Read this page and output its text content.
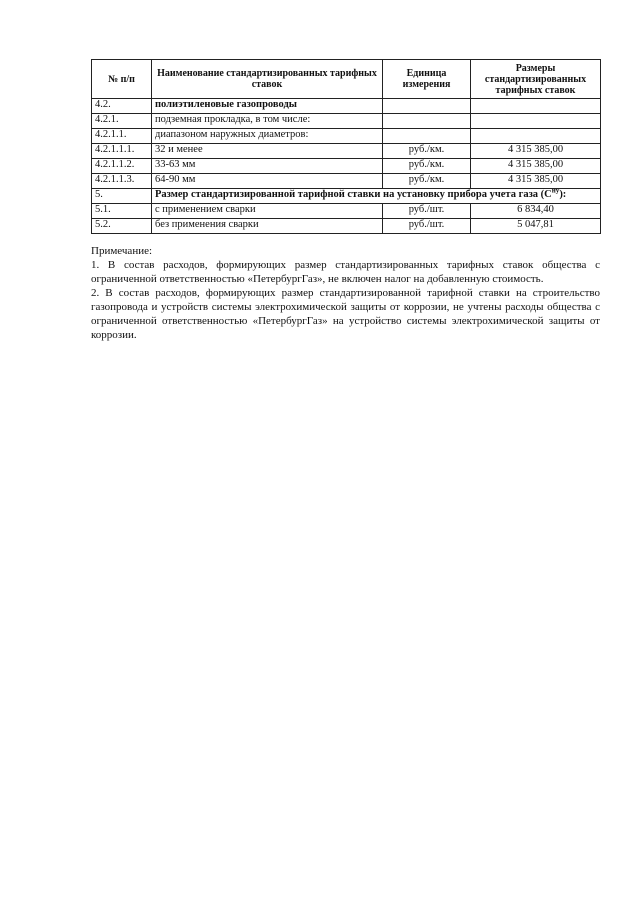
№ п/п	Наименование стандартизированных тарифных ставок	Единица измерения	Размеры стандартизированных тарифных ставок
4.2.	полиэтиленовые газопроводы		
4.2.1.	подземная прокладка, в том числе:		
4.2.1.1.	диапазоном наружных диаметров:		
4.2.1.1.1.	32 и менее	руб./км.	4 315 385,00
4.2.1.1.2.	33-63 мм	руб./км.	4 315 385,00
4.2.1.1.3.	64-90 мм	руб./км.	4 315 385,00
5.	Размер стандартизированной тарифной ставки на установку прибора учета газа $(C^{ну})$:		
5.1.	с применением сварки	руб./шт.	6 834,40
5.2.	без применения сварки	руб./шт.	5 047,81

Примечание:

1. В состав расходов, формирующих размер стандартизированных тарифных ставок общества с ограниченной ответственностью «ПетербургГаз», не включен налог на добавленную стоимость.

2. В состав расходов, формирующих размер стандартизированной тарифной ставки на строительство газопровода и устройств системы электрохимической защиты от коррозии, не учтены расходы общества с ограниченной ответственностью «ПетербургГаз» на устройство системы электрохимической защиты от коррозии.
